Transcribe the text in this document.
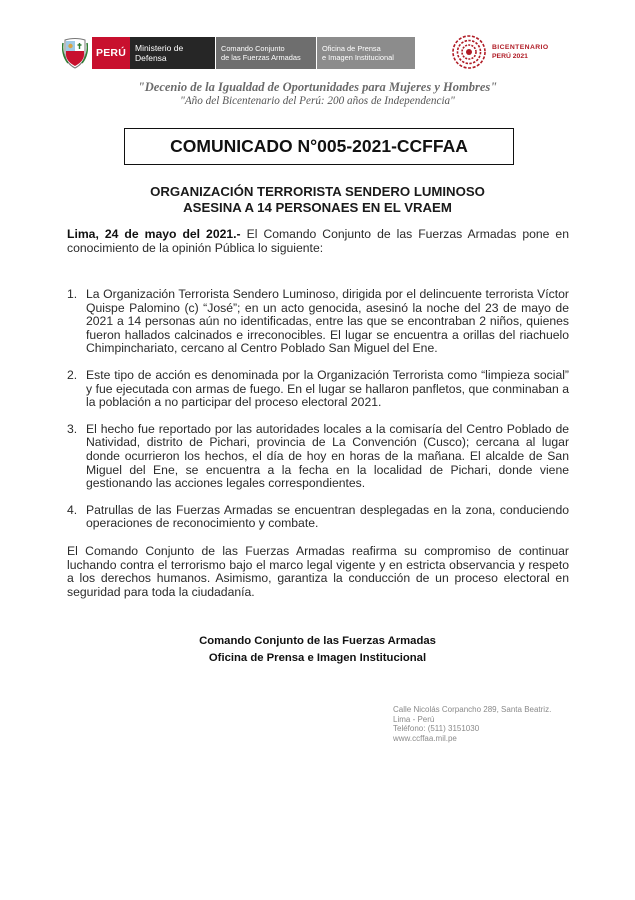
PERÚ	Ministerio de Defensa
Comando Conjunto
de las Fuerzas Armadas
Oficina de Prensa
e Imagen Institucional
BICENTENARIO
PERÚ 2021
"Decenio de la Igualdad de Oportunidades para Mujeres y Hombres"
"Año del Bicentenario del Perú: 200 años de Independencia"
COMUNICADO N°005-2021-CCFFAA
ORGANIZACIÓN TERRORISTA SENDERO LUMINOSO
ASESINA A 14 PERSONAES EN EL VRAEM
Lima, 24 de mayo del 2021.- El Comando Conjunto de las Fuerzas Armadas pone en conocimiento de la opinión Pública lo siguiente:
1. La Organización Terrorista Sendero Luminoso, dirigida por el delincuente terrorista Víctor Quispe Palomino (c) “José”; en un acto genocida, asesinó la noche del 23 de mayo de 2021 a 14 personas aún no identificadas, entre las que se encontraban 2 niños, quienes fueron hallados calcinados e irreconocibles. El lugar se encuentra a orillas del riachuelo Chimpinchariato, cercano al Centro Poblado San Miguel del Ene.
2. Este tipo de acción es denominada por la Organización Terrorista como “limpieza social” y fue ejecutada con armas de fuego. En el lugar se hallaron panfletos, que conminaban a la población a no participar del proceso electoral 2021.
3. El hecho fue reportado por las autoridades locales a la comisaría del Centro Poblado de Natividad, distrito de Pichari, provincia de La Convención (Cusco); cercana al lugar donde ocurrieron los hechos, el día de hoy en horas de la mañana. El alcalde de San Miguel del Ene, se encuentra a la fecha en la localidad de Pichari, donde viene gestionando las acciones legales correspondientes.
4. Patrullas de las Fuerzas Armadas se encuentran desplegadas en la zona, conduciendo operaciones de reconocimiento y combate.
El Comando Conjunto de las Fuerzas Armadas reafirma su compromiso de continuar luchando contra el terrorismo bajo el marco legal vigente y en estricta observancia y respeto a los derechos humanos. Asimismo, garantiza la conducción de un proceso electoral en seguridad para toda la ciudadanía.
Comando Conjunto de las Fuerzas Armadas
Oficina de Prensa e Imagen Institucional
Calle Nicolás Corpancho 289, Santa Beatriz.
Lima - Perú
Teléfono: (511) 3151030
www.ccffaa.mil.pe
